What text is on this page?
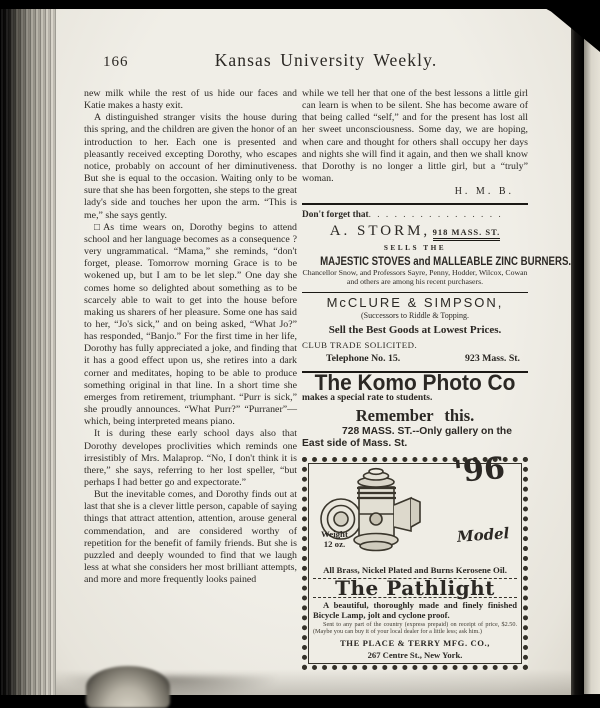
166	Kansas University Weekly.

new milk while the rest of us hide our faces and Katie makes a hasty exit.

A distinguished stranger visits the house during this spring, and the children are given the honor of an introduction to her. Each one is presented and pleasantly received excepting Dorothy, who escapes notice, probably on account of her diminutiveness. But she is equal to the occasion. Waiting only to be sure that she has been forgotten, she steps to the great lady's side and touches her upon the arm. “This is me,” she says gently.

□As time wears on, Dorothy begins to attend school and her language becomes as a consequence ? very ungrammatical. “Mama,” she reminds, “don't forget, please. Tomorrow morning Grace is to be wokened up, but I am to be let slep.” One day she comes home so delighted about something as to be scarcely able to wait to get into the house before making us sharers of her pleasure. Some one has said to her, “Jo's sick,” and on being asked, “What Jo?” has responded, “Banjo.” For the first time in her life, Dorothy has fully appreciated a joke, and finding that it has a good effect upon us, she retires into a dark corner and meditates, hoping to be able to produce something original in that line. In a short time she emerges from retirement, triumphant. “Purr is sick,” she proudly announces. “What Purr?” “Purraner”—which, being interpreted means piano.

It is during these early school days also that Dorothy developes proclivities which reminds one irresistibly of Mrs. Malaprop. “No, I don't think it is there,” she says, referring to her lost speller, “but perhaps I had better go and expectorate.”

But the inevitable comes, and Dorothy finds out at last that she is a clever little person, capable of saying things that attract attention, attention, arouse general commendation, and are considered worthy of repetition for the benefit of family friends. But she is puzzled and deeply wounded to find that we laugh less at what she considers her most brilliant attempts, and more and more frequently looks pained

while we tell her that one of the best lessons a little girl can learn is when to be silent. She has become aware of that being called “self,” and for the present has lost all her sweet unconsciousness. Some day, we are hoping, when care and thought for others shall occupy her days and nights she will find it again, and then we shall know that Dorothy is no longer a little girl, but a “truly” woman.

H. M. B.
Don't forget that . . . . . . . . . . . . . . . .
A. STORM, 918 MASS. ST.
SELLS THE
MAJESTIC STOVES and MALLEABLE ZINC BURNERS.

Chancellor Snow, and Professors Sayre, Penny, Hodder, Wilcox, Cowan and others are among his recent purchasers.

McCLURE & SIMPSON,
(Successors to Riddle & Topping.
Sell the Best Goods at Lowest Prices.
CLUB TRADE SOLICITED.
Telephone No. 15.	923 Mass. St.
The Komo Photo Co
makes a special rate to students.
Remember this.
728 MASS. ST.--Only gallery on the East side of Mass. St.
'96
Model
Weight
12 oz.
All Brass, Nickel Plated and Burns Kerosene Oil.
The Pathlight

A beautiful, thoroughly made and finely finished Bicycle Lamp, jolt and cyclone proof.

Sent to any part of the country (express prepaid) on receipt of price, $2.50. (Maybe you can buy it of your local dealer for a little less; ask him.)

THE PLACE & TERRY MFG. CO.,
267 Centre St., New York.
